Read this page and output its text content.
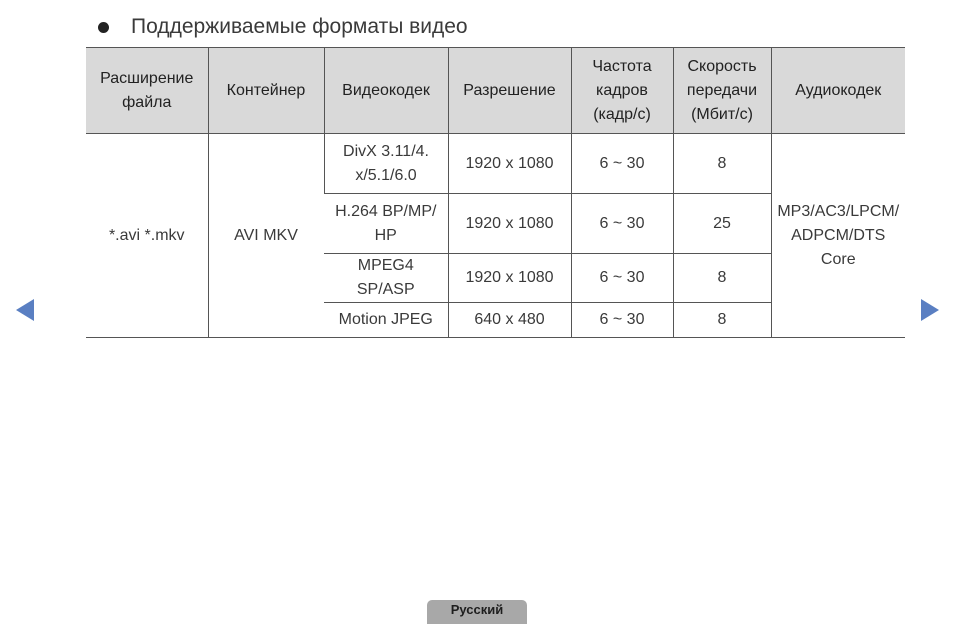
Поддерживаемые форматы видео
Расширение файла	Контейнер	Видеокодек	Разрешение	Частота кадров (кадр/с)	Скорость передачи (Мбит/с)	Аудиокодек
*.avi *.mkv	AVI MKV	DivX 3.11/4. x/5.1/6.0	1920 x 1080	6 ~ 30	8	MP3/AC3/LPCM/ ADPCM/DTS Core
		H.264 BP/MP/ HP	1920 x 1080	6 ~ 30	25	
		MPEG4 SP/ASP	1920 x 1080	6 ~ 30	8	
		Motion JPEG	640 x 480	6 ~ 30	8	
Русский
